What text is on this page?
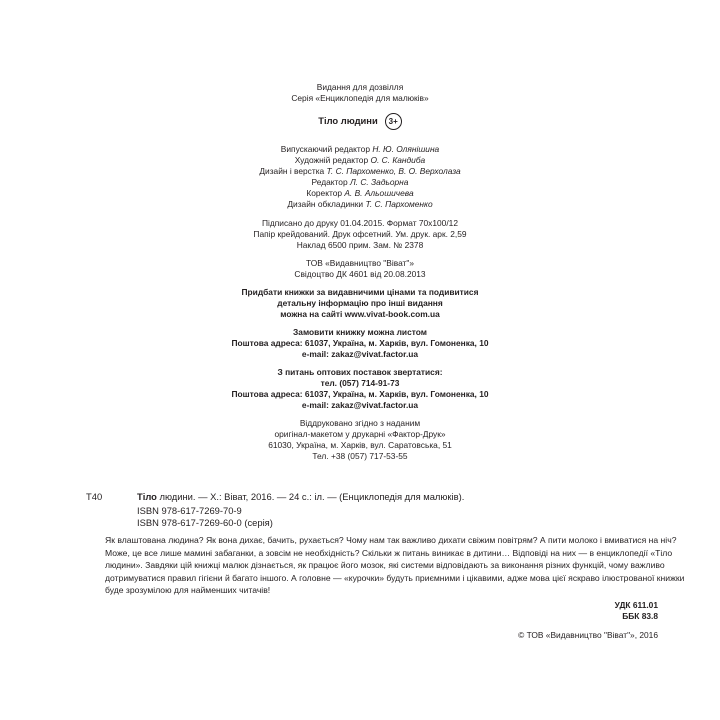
Видання для дозвілля
Серія «Енциклопедія для малюків»
Тіло людини 3+
Випускаючий редактор Н. Ю. Олянішина
Художній редактор О. С. Кандиба
Дизайн і верстка Т. С. Пархоменко, В. О. Верхолаза
Редактор Л. С. Задьорна
Коректор А. В. Альошичева
Дизайн обкладинки Т. С. Пархоменко
Підписано до друку 01.04.2015. Формат 70x100/12
Папір крейдований. Друк офсетний. Ум. друк. арк. 2,59
Наклад 6500 прим. Зам. № 2378
ТОВ «Видавництво "Віват"»
Свідоцтво ДК 4601 від 20.08.2013
Придбати книжки за видавничими цінами та подивитися
детальну інформацію про інші видання
можна на сайті www.vivat-book.com.ua
Замовити книжку можна листом
Поштова адреса: 61037, Україна, м. Харків, вул. Гомоненка, 10
e-mail: zakaz@vivat.factor.ua
З питань оптових поставок звертатися:
тел. (057) 714-91-73
Поштова адреса: 61037, Україна, м. Харків, вул. Гомоненка, 10
e-mail: zakaz@vivat.factor.ua
Віддруковано згідно з наданим
оригінал-макетом у друкарні «Фактор-Друк»
61030, Україна, м. Харків, вул. Саратовська, 51
Тел. +38 (057) 717-53-55
Т40	Тіло людини. — Х.: Віват, 2016. — 24 с.: іл. — (Енциклопедія для малюків).
ISBN 978-617-7269-70-9
ISBN 978-617-7269-60-0 (серія)
Як влаштована людина? Як вона дихає, бачить, рухається? Чому нам так важливо дихати свіжим повітрям? А пити молоко і вмиватися на ніч?
Може, це все лише мамині забаганки, а зовсім не необхідність? Скільки ж питань виникає в дитини… Відповіді на них — в енциклопедії «Тіло
людини». Завдяки цій книжці малюк дізнається, як працює його мозок, які системи відповідають за виконання різних функцій, чому важливо
дотримуватися правил гігієни й багато іншого. А головне — «курочки» будуть приємними і цікавими, адже мова цієї яскраво ілюстрованої книжки
буде зрозумілою для найменших читачів!
УДК 611.01
ББК 83.8
© ТОВ «Видавництво "Віват"», 2016
